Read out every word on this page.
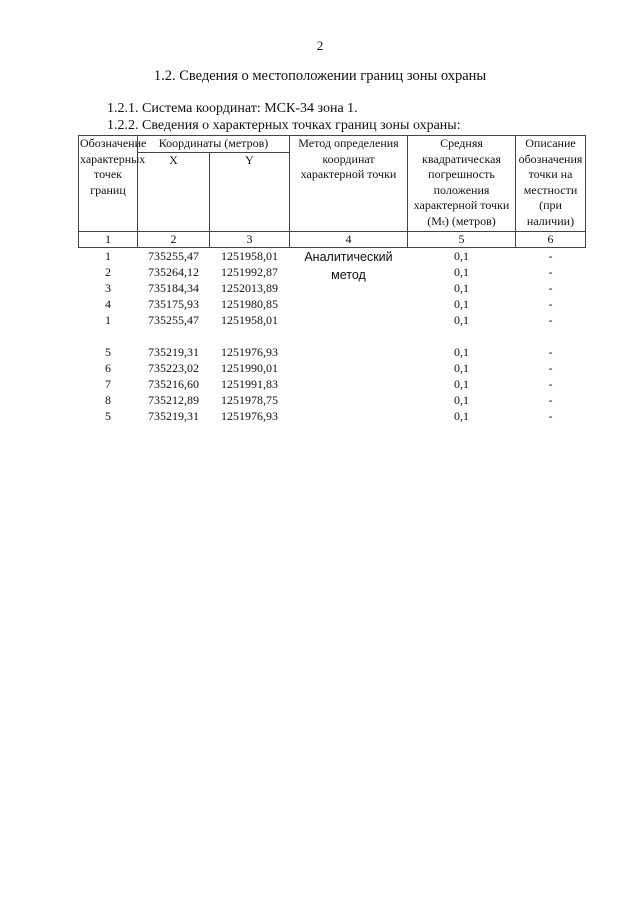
2
1.2. Сведения о местоположении границ зоны охраны
1.2.1. Система координат: МСК-34 зона 1.
1.2.2. Сведения о характерных точках границ зоны охраны:
Обозначение характерных точек границ	Координаты (метров)		Метод определения координат характерной точки	Средняя квадратическая погрешность положения характерной точки (Mₜ) (метров)	Описание обозначения точки на местности (при наличии)
	X	Y			
1	2	3	4	5	6
1	735255,47	1251958,01	Аналитический метод	0,1	-
2	735264,12	1251992,87		0,1	-
3	735184,34	1252013,89		0,1	-
4	735175,93	1251980,85		0,1	-
1	735255,47	1251958,01		0,1	-
5	735219,31	1251976,93		0,1	-
6	735223,02	1251990,01		0,1	-
7	735216,60	1251991,83		0,1	-
8	735212,89	1251978,75		0,1	-
5	735219,31	1251976,93		0,1	-
